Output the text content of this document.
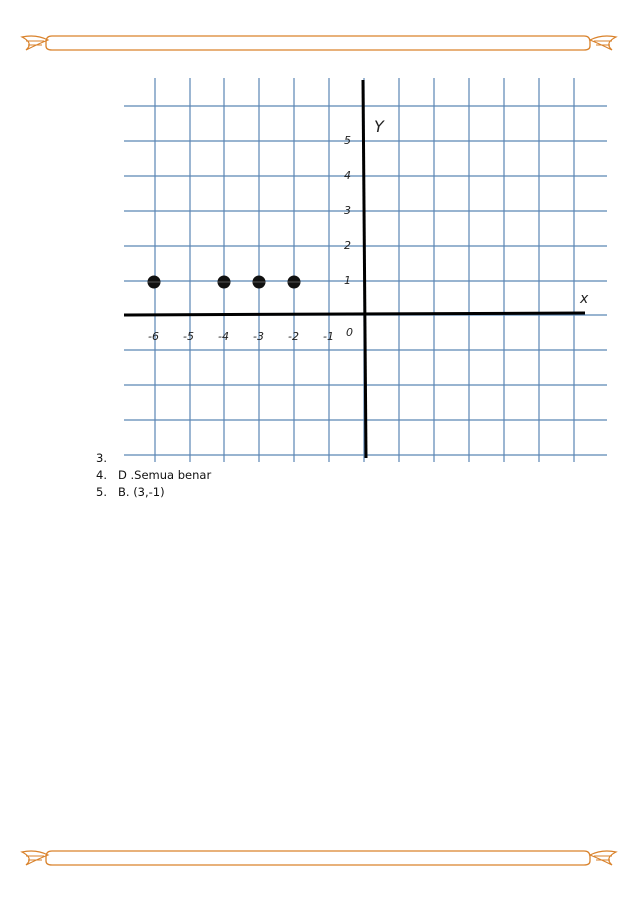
Y
x
0
-6 -5 -4 -3 -2 -1
1
2
3
4
5
3.
4. D .Semua benar
5. B. (3,-1)
